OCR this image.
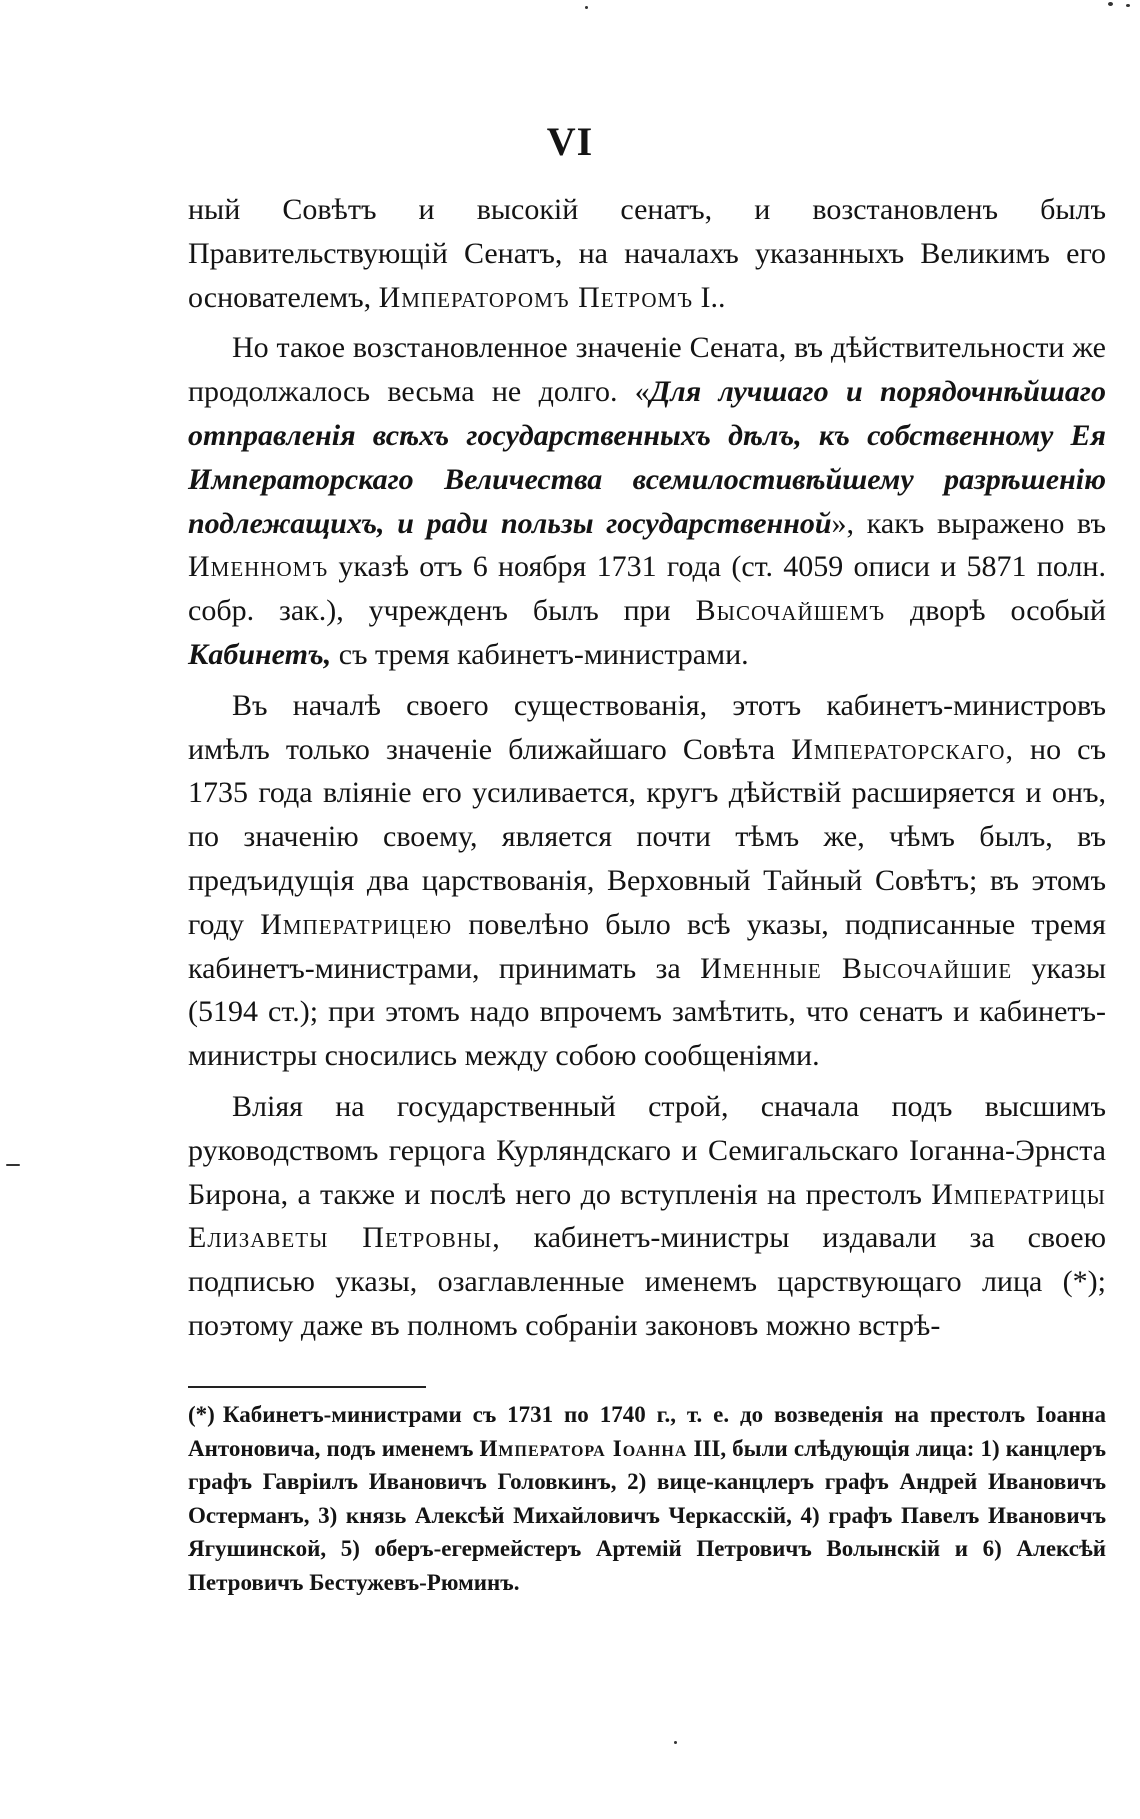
VI

ный Совѣтъ и высокій сенатъ, и возстановленъ былъ Правительствующій Сенатъ, на началахъ указанныхъ Великимъ его основателемъ, Императоромъ Петромъ I..

Но такое возстановленное значеніе Сената, въ дѣйствительности же продолжалось весьма не долго. «Для лучшаго и порядочнѣйшаго отправленія всѣхъ государственныхъ дѣлъ, къ собственному Ея Императорскаго Величества всемилостивѣйшему разрѣшенію подлежащихъ, и ради пользы государственной», какъ выражено въ Именномъ указѣ отъ 6 ноября 1731 года (ст. 4059 описи и 5871 полн. собр. зак.), учрежденъ былъ при Высочайшемъ дворѣ особый Кабинетъ, съ тремя кабинетъ-министрами.

Въ началѣ своего существованія, этотъ кабинетъ-министровъ имѣлъ только значеніе ближайшаго Совѣта Императорскаго, но съ 1735 года вліяніе его усиливается, кругъ дѣйствій расширяется и онъ, по значенію своему, является почти тѣмъ же, чѣмъ былъ, въ предъидущія два царствованія, Верховный Тайный Совѣтъ; въ этомъ году Императрицею повелѣно было всѣ указы, подписанные тремя кабинетъ-министрами, принимать за Именные Высочайшие указы (5194 ст.); при этомъ надо впрочемъ замѣтить, что сенатъ и кабинетъ-министры сносились между собою сообщеніями.

Вліяя на государственный строй, сначала подъ высшимъ руководствомъ герцога Курляндскаго и Семигальскаго Іоганна-Эрнста Бирона, а также и послѣ него до вступленія на престолъ Императрицы Елизаветы Петровны, кабинетъ-министры издавали за своею подписью указы, озаглавленные именемъ царствующаго лица (*); поэтому даже въ полномъ собраніи законовъ можно встрѣ-

(*) Кабинетъ-министрами съ 1731 по 1740 г., т. е. до возведенія на престолъ Іоанна Антоновича, подъ именемъ Императора Іоанна III, были слѣдующія лица: 1) канцлеръ графъ Гавріилъ Ивановичъ Головкинъ, 2) вице-канцлеръ графъ Андрей Ивановичъ Остерманъ, 3) князь Алексѣй Михайловичъ Черкасскій, 4) графъ Павелъ Ивановичъ Ягушинской, 5) оберъ-егермейстеръ Артемій Петровичъ Волынскій и 6) Алексѣй Петровичъ Бестужевъ-Рюминъ.
